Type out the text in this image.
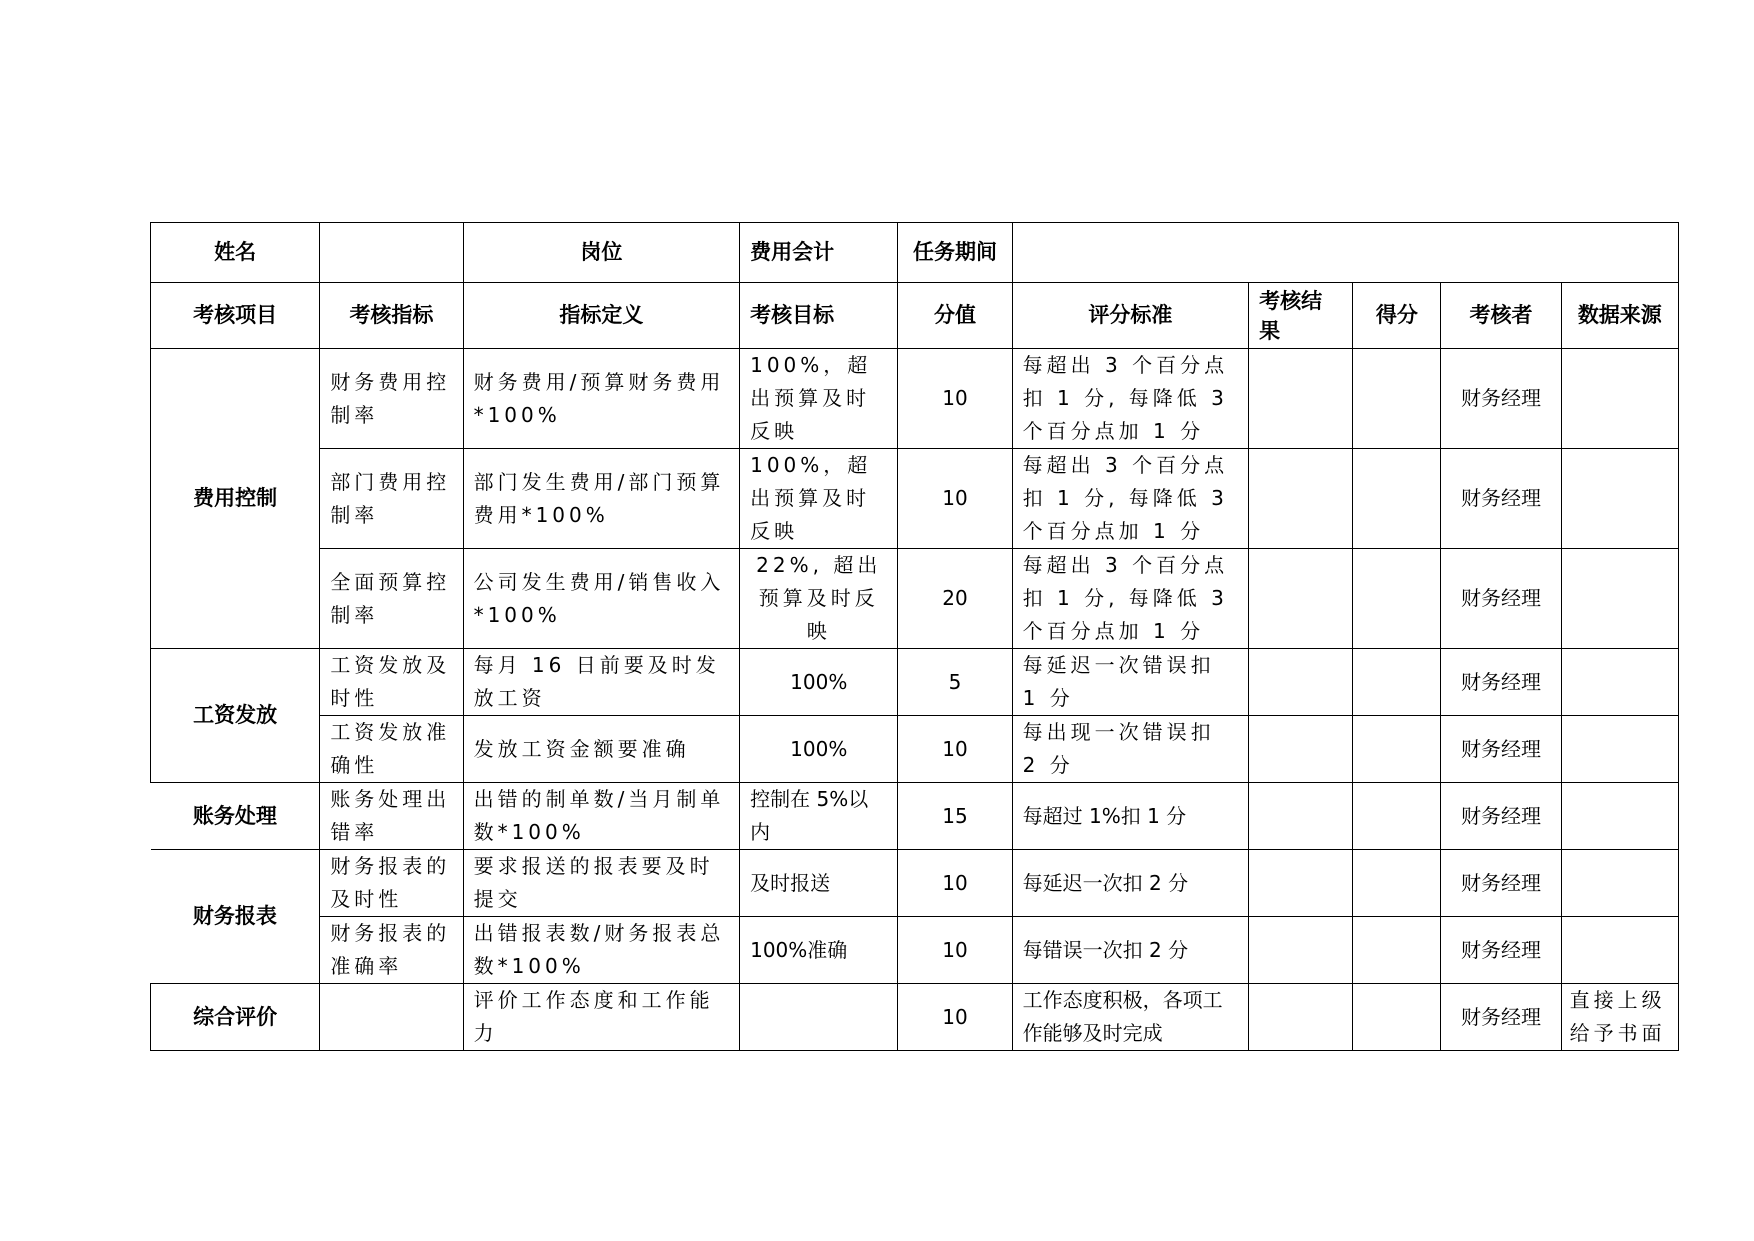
姓名		岗位	费用会计	任务期间					
考核项目	考核指标	指标定义	考核目标	分值	评分标准	考核结果	得分	考核者	数据来源
费用控制	财务费用控制率	财务费用/预算财务费用*100%	100%，超出预算及时反映	10	每超出 3 个百分点扣 1 分, 每降低 3 个百分点加 1 分			财务经理	
	部门费用控制率	部门发生费用/部门预算费用*100%	100%，超出预算及时反映	10	每超出 3 个百分点扣 1 分, 每降低 3 个百分点加 1 分			财务经理	
	全面预算控制率	公司发生费用/销售收入*100%	22%, 超出预算及时反映	20	每超出 3 个百分点扣 1 分, 每降低 3 个百分点加 1 分			财务经理	
工资发放	工资发放及时性	每月 16 日前要及时发放工资	100%	5	每延迟一次错误扣 1 分			财务经理	
	工资发放准确性	发放工资金额要准确	100%	10	每出现一次错误扣 2 分			财务经理	
账务处理	账务处理出错率	出错的制单数/当月制单数*100%	控制在 5%以内	15	每超过 1%扣 1 分			财务经理	
财务报表	财务报表的及时性	要求报送的报表要及时提交	及时报送	10	每延迟一次扣 2 分			财务经理	
	财务报表的准确率	出错报表数/财务报表总数*100%	100%准确	10	每错误一次扣 2 分			财务经理	
综合评价		评价工作态度和工作能力		10	工作态度积极，各项工作能够及时完成			财务经理	直接上级给予书面
